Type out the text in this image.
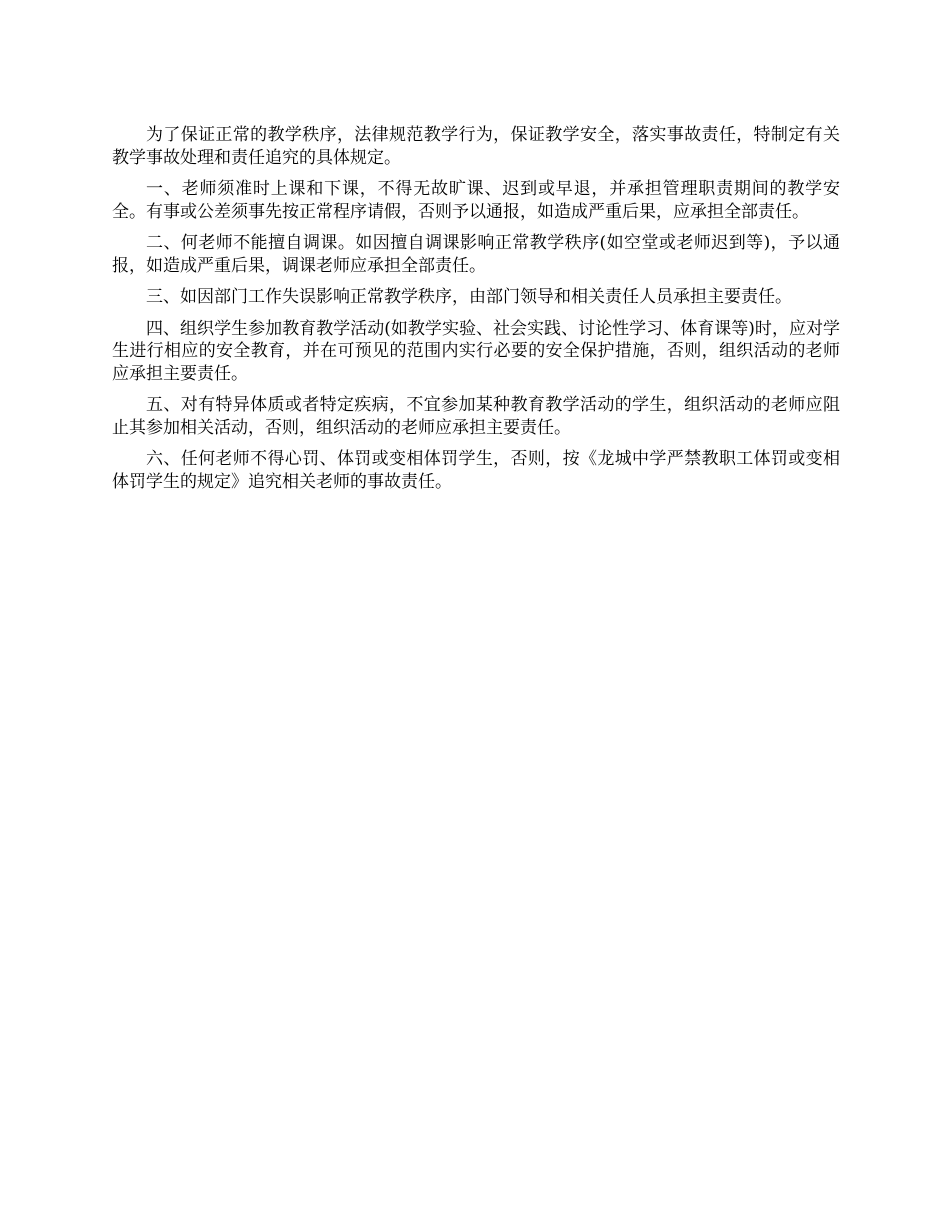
为了保证正常的教学秩序，法律规范教学行为，保证教学安全，落实事故责任，特制定有关教学事故处理和责任追究的具体规定。

一、老师须准时上课和下课，不得无故旷课、迟到或早退，并承担管理职责期间的教学安全。有事或公差须事先按正常程序请假，否则予以通报，如造成严重后果，应承担全部责任。

二、何老师不能擅自调课。如因擅自调课影响正常教学秩序(如空堂或老师迟到等)，予以通报，如造成严重后果，调课老师应承担全部责任。

三、如因部门工作失误影响正常教学秩序，由部门领导和相关责任人员承担主要责任。

四、组织学生参加教育教学活动(如教学实验、社会实践、讨论性学习、体育课等)时，应对学生进行相应的安全教育，并在可预见的范围内实行必要的安全保护措施，否则，组织活动的老师应承担主要责任。

五、对有特异体质或者特定疾病，不宜参加某种教育教学活动的学生，组织活动的老师应阻止其参加相关活动，否则，组织活动的老师应承担主要责任。

六、任何老师不得心罚、体罚或变相体罚学生，否则，按《龙城中学严禁教职工体罚或变相体罚学生的规定》追究相关老师的事故责任。
